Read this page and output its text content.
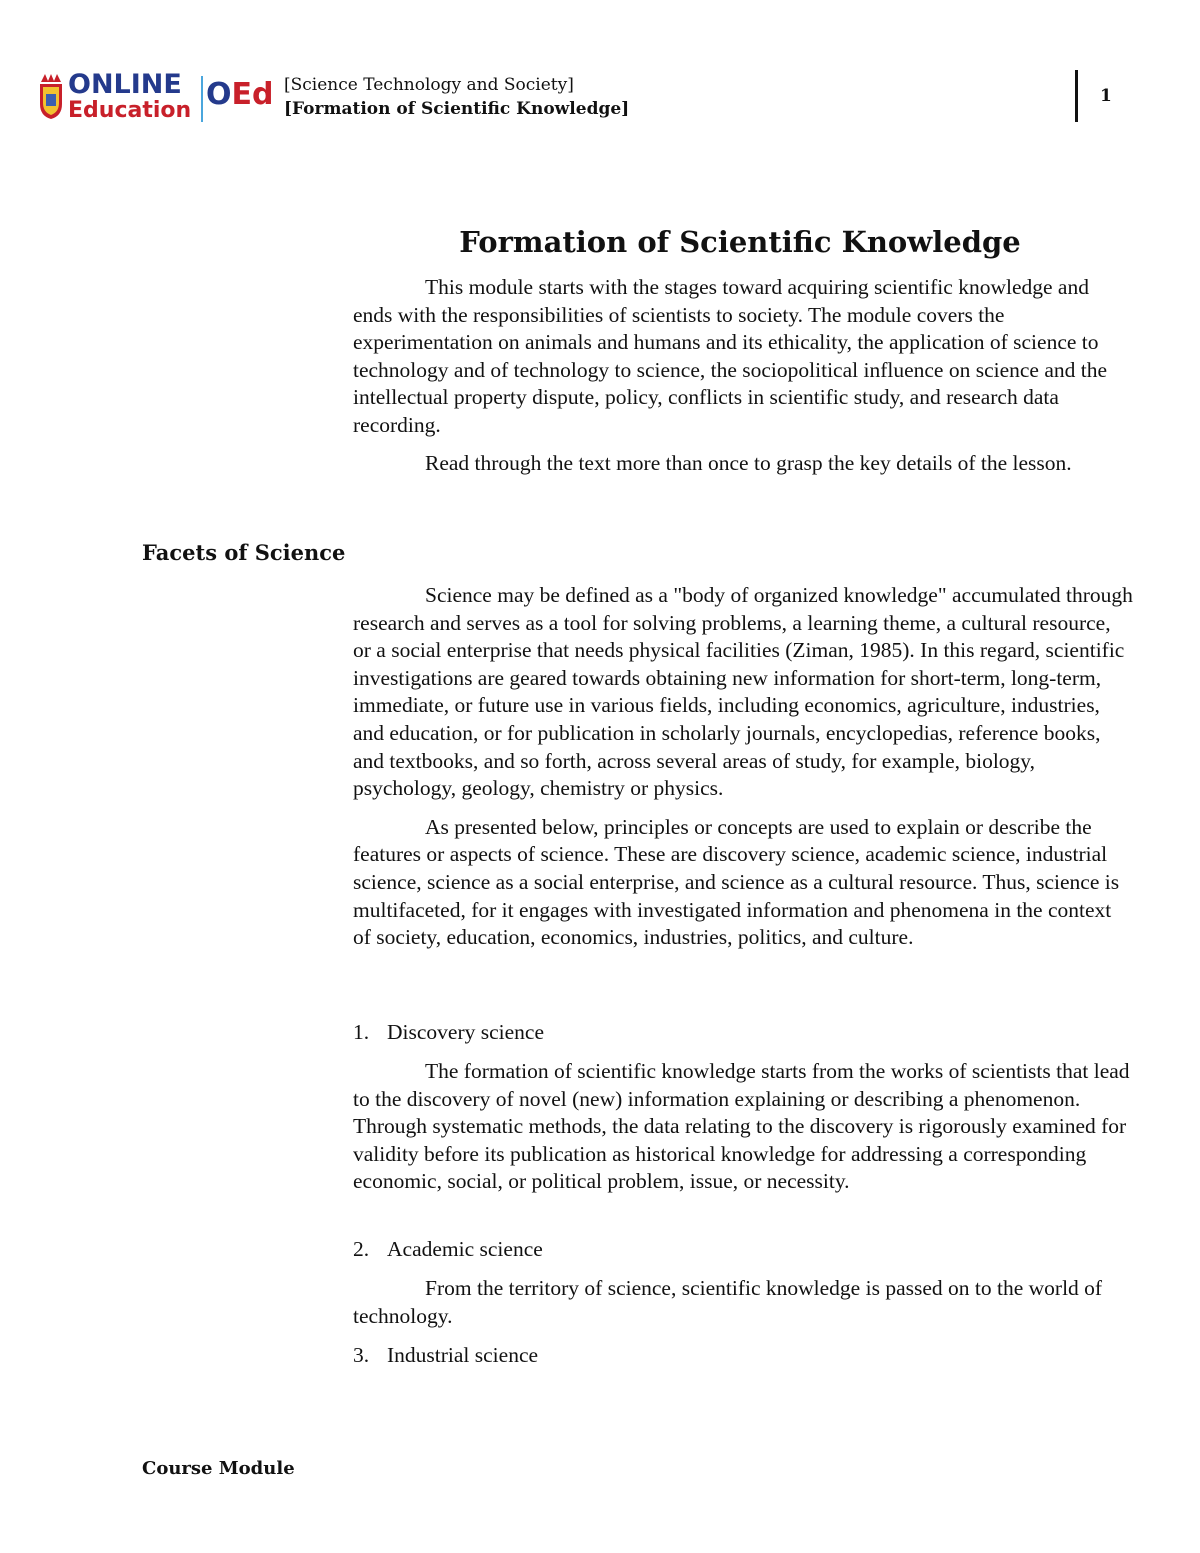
ONLINE
Education OEd [Science Technology and Society]
[Formation of Scientific Knowledge]
1
Formation of Scientific Knowledge

This module starts with the stages toward acquiring scientific knowledge and ends with the responsibilities of scientists to society. The module covers the experimentation on animals and humans and its ethicality, the application of science to technology and of technology to science, the sociopolitical influence on science and the intellectual property dispute, policy, conflicts in scientific study, and research data recording.

Read through the text more than once to grasp the key details of the lesson.

Facets of Science

Science may be defined as a "body of organized knowledge" accumulated through research and serves as a tool for solving problems, a learning theme, a cultural resource, or a social enterprise that needs physical facilities (Ziman, 1985). In this regard, scientific investigations are geared towards obtaining new information for short-term, long-term, immediate, or future use in various fields, including economics, agriculture, industries, and education, or for publication in scholarly journals, encyclopedias, reference books, and textbooks, and so forth, across several areas of study, for example, biology, psychology, geology, chemistry or physics.

As presented below, principles or concepts are used to explain or describe the features or aspects of science. These are discovery science, academic science, industrial science, science as a social enterprise, and science as a cultural resource. Thus, science is multifaceted, for it engages with investigated information and phenomena in the context of society, education, economics, industries, politics, and culture.

1. Discovery science

The formation of scientific knowledge starts from the works of scientists that lead to the discovery of novel (new) information explaining or describing a phenomenon. Through systematic methods, the data relating to the discovery is rigorously examined for validity before its publication as historical knowledge for addressing a corresponding economic, social, or political problem, issue, or necessity.

2. Academic science

From the territory of science, scientific knowledge is passed on to the world of technology.

3. Industrial science
Course Module
